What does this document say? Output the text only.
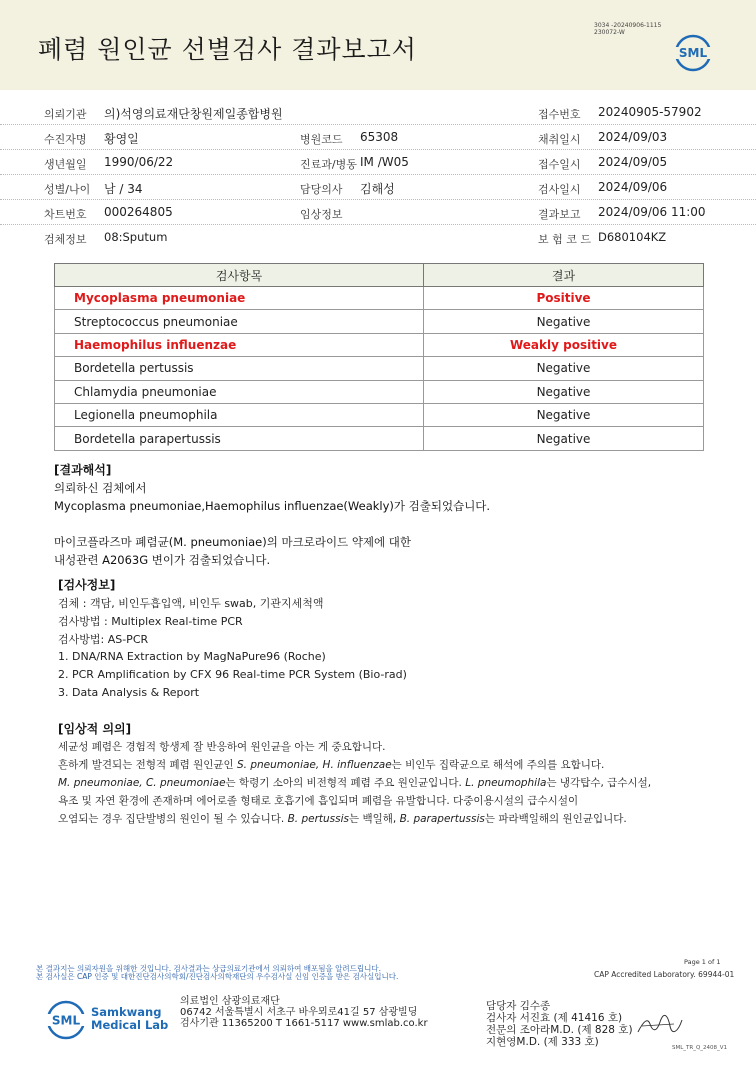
폐렴 원인균 선별검사 결과보고서
3034 -20240906-1115
230072-W
SML
의뢰기관 의)석영의료재단창원제일종합병원	접수번호 20240905-57902
수진자명 황영일	병원코드 65308	채취일시 2024/09/03
생년월일 1990/06/22	진료과/병동 IM /W05	접수일시 2024/09/05
성별/나이 남 / 34	담당의사 김해성	검사일시 2024/09/06
차트번호 000264805	임상정보	결과보고 2024/09/06 11:00
검체정보 08:Sputum	보 험 코 드 D680104KZ
검사항목	결과
Mycoplasma pneumoniae	Positive
Streptococcus pneumoniae	Negative
Haemophilus influenzae	Weakly positive
Bordetella pertussis	Negative
Chlamydia pneumoniae	Negative
Legionella pneumophila	Negative
Bordetella parapertussis	Negative
[결과해석]
의뢰하신 검체에서
Mycoplasma pneumoniae,Haemophilus influenzae(Weakly)가 검출되었습니다.
마이코플라즈마 폐렴균(M. pneumoniae)의 마크로라이드 약제에 대한
내성관련 A2063G 변이가 검출되었습니다.
[검사정보]
검체 : 객담, 비인두흡입액, 비인두 swab, 기관지세척액
검사방법 : Multiplex Real-time PCR
검사방법: AS-PCR
1. DNA/RNA Extraction by MagNaPure96 (Roche)
2. PCR Amplification by CFX 96 Real-time PCR System (Bio-rad)
3. Data Analysis & Report
[임상적 의의]
세균성 폐렴은 경험적 항생제 잘 반응하여 원인균을 아는 게 중요합니다.
흔하게 발견되는 전형적 폐렴 원인균인 S. pneumoniae, H. influenzae는 비인두 집락균으로 해석에 주의를 요합니다.
M. pneumoniae, C. pneumoniae는 학령기 소아의 비전형적 폐렴 주요 원인균입니다. L. pneumophila는 냉각탑수, 급수시설,
욕조 및 자연 환경에 존재하며 에어로졸 형태로 호흡기에 흡입되며 폐렴을 유발합니다. 다중이용시설의 급수시설이
오염되는 경우 집단발병의 원인이 될 수 있습니다. B. pertussis는 백일해, B. parapertussis는 파라백일해의 원인균입니다.
Page 1 of 1
본 결과지는 의뢰자원을 위해한 것입니다. 검사결과는 상급의료기관에서 의뢰하여 배포됨을 알려드립니다.
본 검사실은 CAP 인증 및 대한진단검사의학회/진단검사의학재단의 우수검사실 신임 인증을 받은 검사실입니다.	CAP Accredited Laboratory. 69944-01
SML
Samkwang
Medical Lab
의료법인 삼광의료재단
06742 서울특별시 서초구 바우뫼로41길 57 삼광빌딩
검사기관 11365200 T 1661-5117 www.smlab.co.kr
담당자 김수종
검사자 서진효 (제 41416 호)
전문의 조아라M.D. (제 828 호)
지현영M.D. (제 333 호)	SML_TR_Q_2408_V1
